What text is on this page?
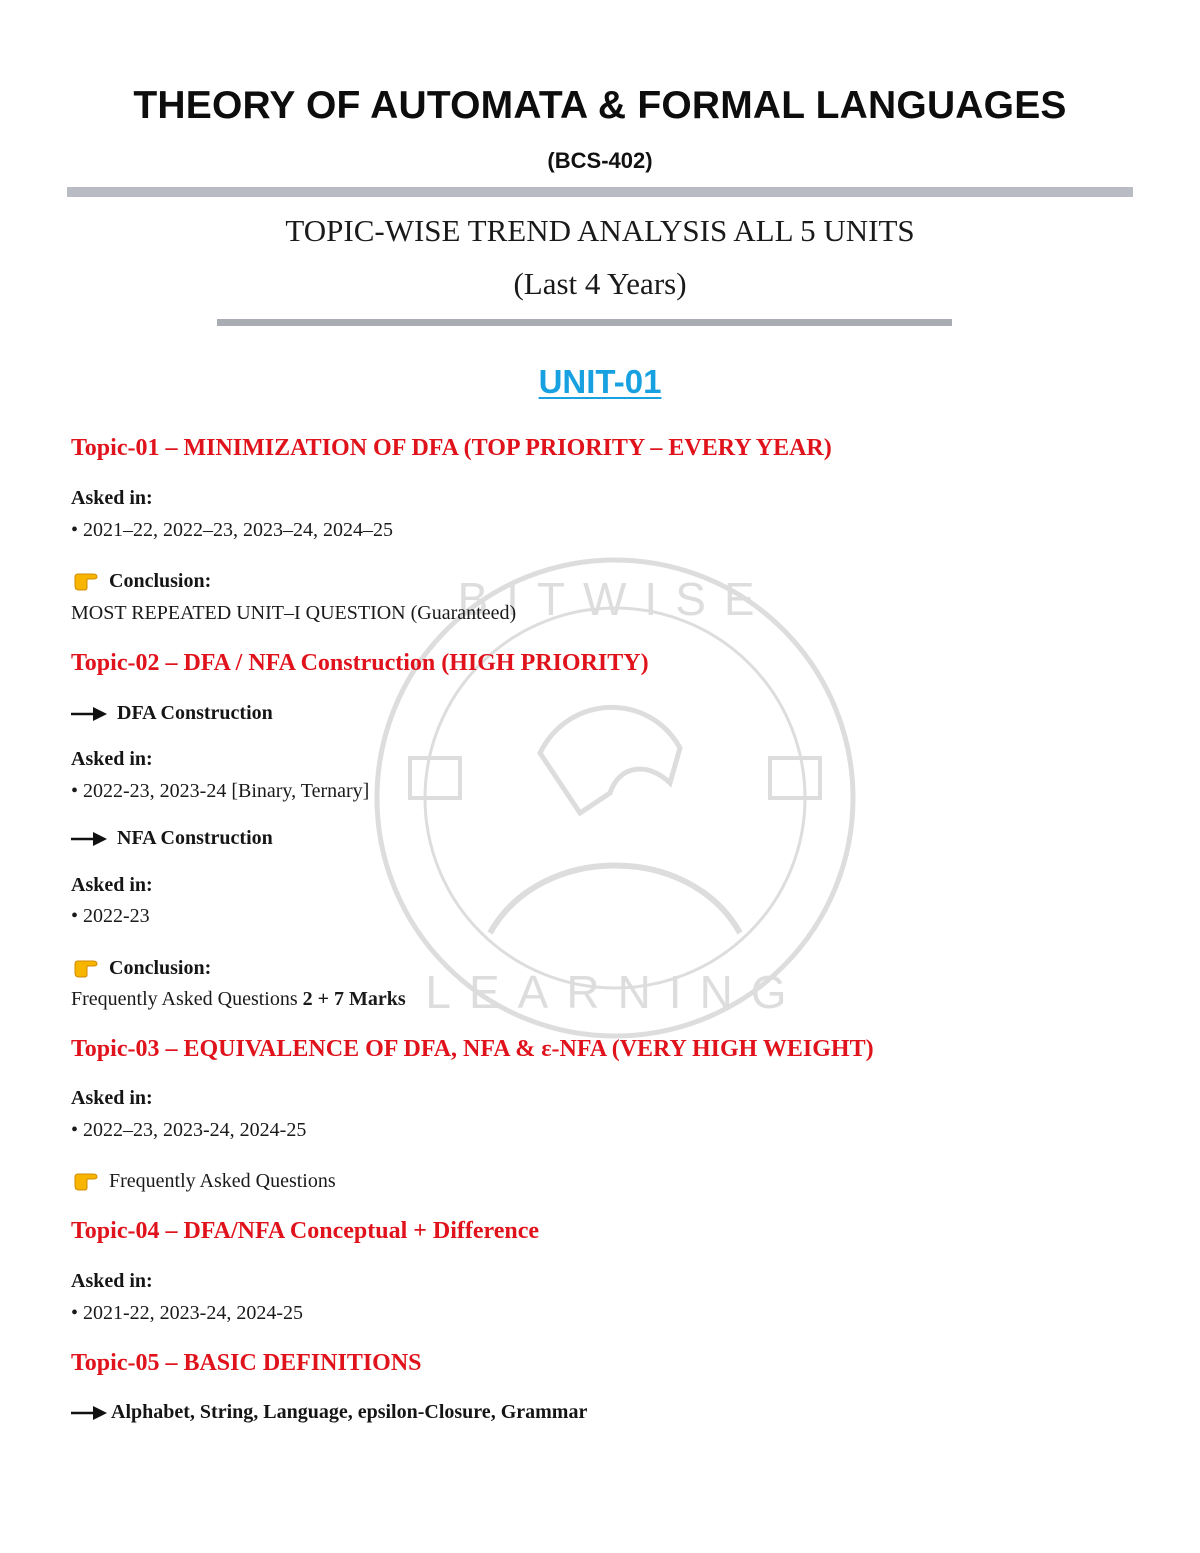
BITWISE
LEARNING
THEORY OF AUTOMATA & FORMAL LANGUAGES
(BCS-402)
TOPIC-WISE TREND ANALYSIS ALL 5 UNITS
(Last 4 Years)
UNIT-01
Topic-01 – MINIMIZATION OF DFA (TOP PRIORITY – EVERY YEAR)
Asked in:
• 2021–22, 2022–23, 2023–24, 2024–25
Conclusion:
MOST REPEATED UNIT–I QUESTION (Guaranteed)
Topic-02 – DFA / NFA Construction (HIGH PRIORITY)
DFA Construction
Asked in:
• 2022-23, 2023-24 [Binary, Ternary]
NFA Construction
Asked in:
• 2022-23
Conclusion:
Frequently Asked Questions 2 + 7 Marks
Topic-03 – EQUIVALENCE OF DFA, NFA & ε-NFA (VERY HIGH WEIGHT)
Asked in:
• 2022–23, 2023-24, 2024-25
Frequently Asked Questions
Topic-04 – DFA/NFA Conceptual + Difference
Asked in:
• 2021-22, 2023-24, 2024-25
Topic-05 – BASIC DEFINITIONS
Alphabet, String, Language, epsilon-Closure, Grammar
